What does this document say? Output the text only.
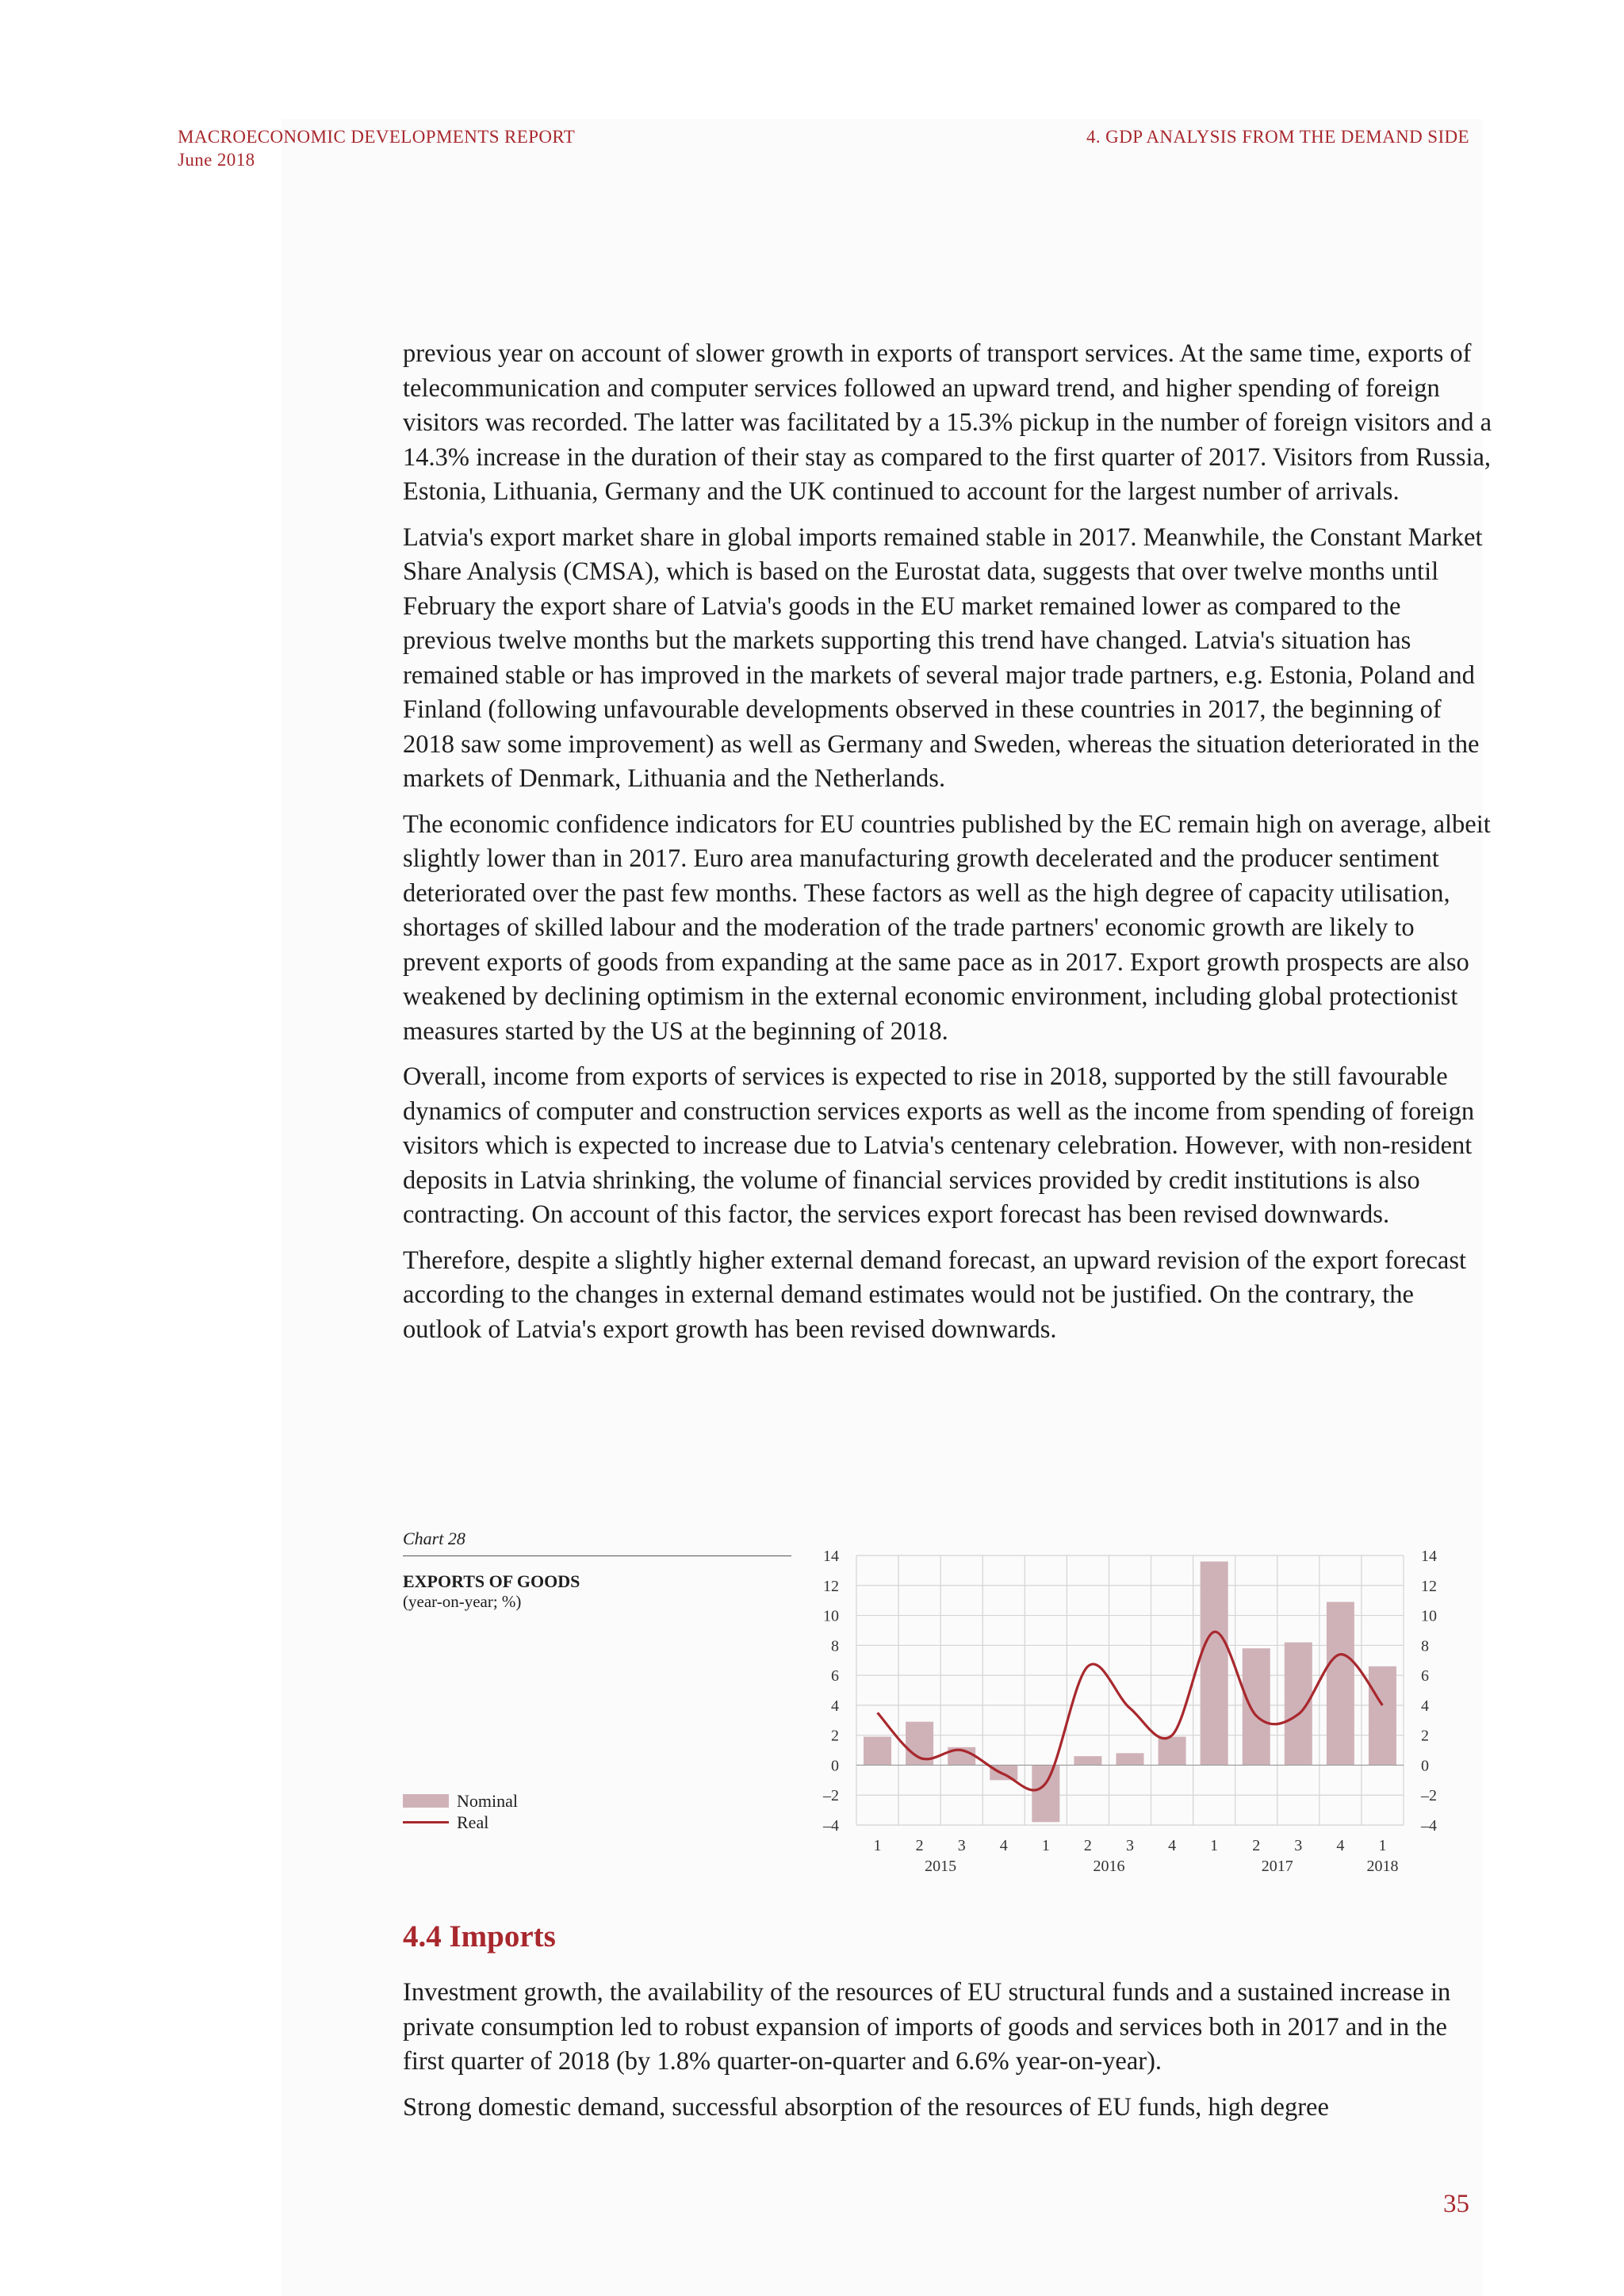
MACROECONOMIC DEVELOPMENTS REPORT
June 2018
4. GDP ANALYSIS FROM THE DEMAND SIDE

previous year on account of slower growth in exports of transport services. At the same time, exports of telecommunication and computer services followed an upward trend, and higher spending of foreign visitors was recorded. The latter was facilitated by a 15.3% pickup in the number of foreign visitors and a 14.3% increase in the duration of their stay as compared to the first quarter of 2017. Visitors from Russia, Estonia, Lithuania, Germany and the UK continued to account for the largest number of arrivals.

Latvia's export market share in global imports remained stable in 2017. Meanwhile, the Constant Market Share Analysis (CMSA), which is based on the Eurostat data, suggests that over twelve months until February the export share of Latvia's goods in the EU market remained lower as compared to the previous twelve months but the markets supporting this trend have changed. Latvia's situation has remained stable or has improved in the markets of several major trade partners, e.g. Estonia, Poland and Finland (following unfavourable developments observed in these countries in 2017, the beginning of 2018 saw some improvement) as well as Germany and Sweden, whereas the situation deteriorated in the markets of Denmark, Lithuania and the Netherlands.

The economic confidence indicators for EU countries published by the EC remain high on average, albeit slightly lower than in 2017. Euro area manufacturing growth decelerated and the producer sentiment deteriorated over the past few months. These factors as well as the high degree of capacity utilisation, shortages of skilled labour and the moderation of the trade partners' economic growth are likely to prevent exports of goods from expanding at the same pace as in 2017. Export growth prospects are also weakened by declining optimism in the external economic environment, including global protectionist measures started by the US at the beginning of 2018.

Overall, income from exports of services is expected to rise in 2018, supported by the still favourable dynamics of computer and construction services exports as well as the income from spending of foreign visitors which is expected to increase due to Latvia's centenary celebration. However, with non-resident deposits in Latvia shrinking, the volume of financial services provided by credit institutions is also contracting. On account of this factor, the services export forecast has been revised downwards.

Therefore, despite a slightly higher external demand forecast, an upward revision of the export forecast according to the changes in external demand estimates would not be justified. On the contrary, the outlook of Latvia's export growth has been revised downwards.

Chart 28
EXPORTS OF GOODS
(year-on-year; %)
Nominal
Real
14	14
12	12
10	10
8	8
6	6
4	4
2	2
0	0
–2	–2
–4	–4
1 2 3 4 1 2 3 4 1 2 3 4 1
2015	2016	2017	2018
4.4 Imports

Investment growth, the availability of the resources of EU structural funds and a sustained increase in private consumption led to robust expansion of imports of goods and services both in 2017 and in the first quarter of 2018 (by 1.8% quarter-on-quarter and 6.6% year-on-year).

Strong domestic demand, successful absorption of the resources of EU funds, high degree

35
